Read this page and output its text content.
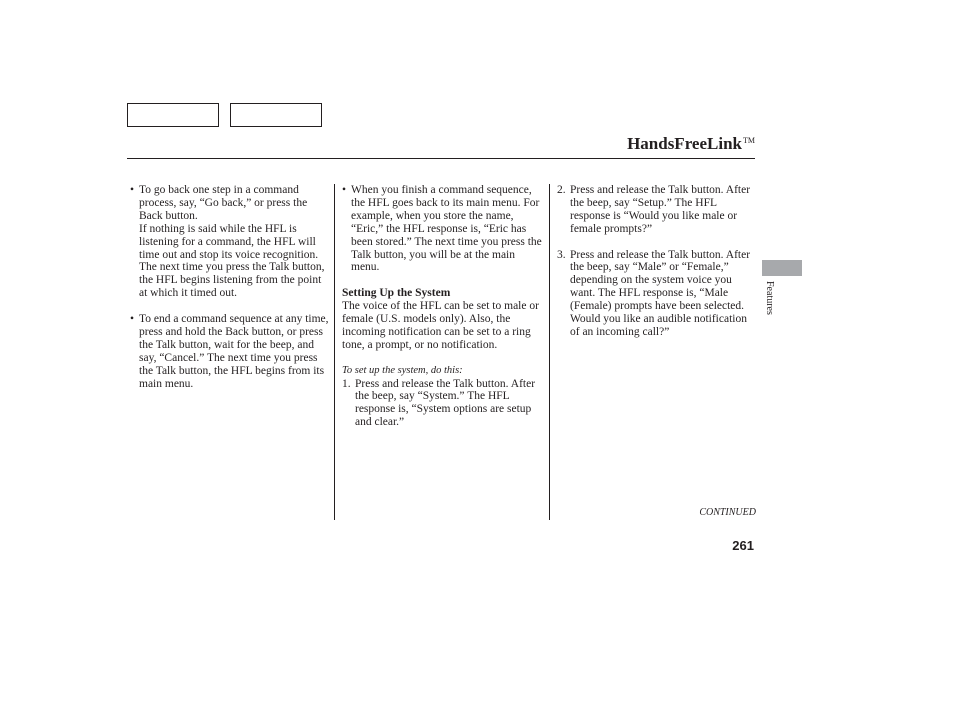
HandsFreeLink™
• To go back one step in a command process, say, “Go back,” or press the Back button.
If nothing is said while the HFL is listening for a command, the HFL will time out and stop its voice recognition. The next time you press the Talk button, the HFL begins listening from the point at which it timed out.
• To end a command sequence at any time, press and hold the Back button, or press the Talk button, wait for the beep, and say, “Cancel.” The next time you press the Talk button, the HFL begins from its main menu.
• When you finish a command sequence, the HFL goes back to its main menu. For example, when you store the name, “Eric,” the HFL response is, “Eric has been stored.” The next time you press the Talk button, you will be at the main menu.
Setting Up the System
The voice of the HFL can be set to male or female (U.S. models only). Also, the incoming notification can be set to a ring tone, a prompt, or no notification.
To set up the system, do this:
1. Press and release the Talk button. After the beep, say “System.” The HFL response is, “System options are setup and clear.”
2. Press and release the Talk button. After the beep, say “Setup.” The HFL response is “Would you like male or female prompts?”
3. Press and release the Talk button. After the beep, say “Male” or “Female,” depending on the system voice you want. The HFL response is, “Male (Female) prompts have been selected. Would you like an audible notification of an incoming call?”
Features
CONTINUED
261
